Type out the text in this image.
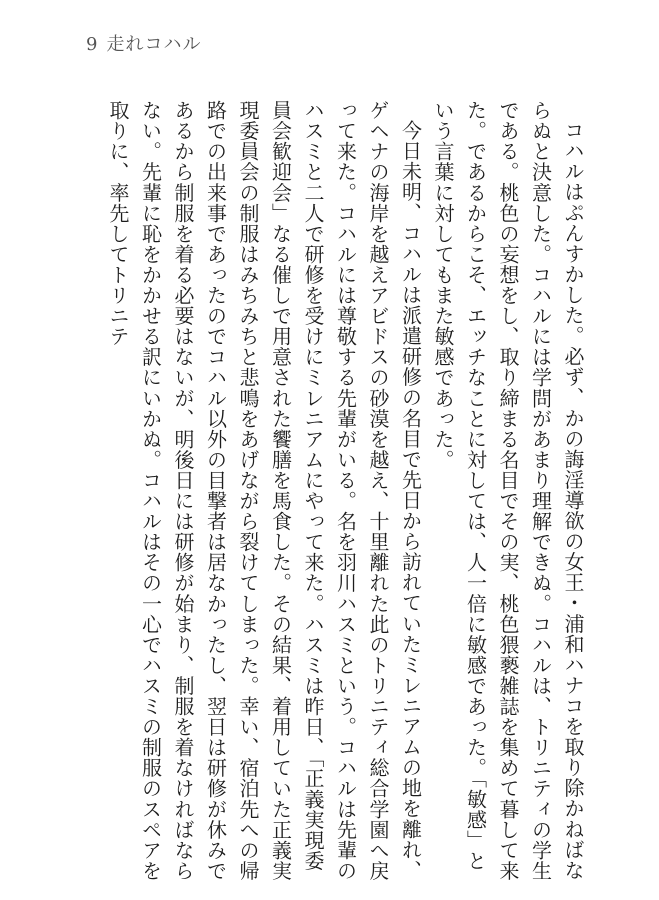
9 走れコハル

コハルはぷんすかした。必ず、かの誨淫導欲の女王・浦和ハナコを取り除かねばならぬと決意した。コハルには学問があまり理解できぬ。コハルは、トリニティの学生である。桃色の妄想をし、取り締まる名目でその実、桃色猥褻雑誌を集めて暮して来た。であるからこそ、エッチなことに対しては、人一倍に敏感であった。「敏感」という言葉に対してもまた敏感であった。

今日未明、コハルは派遣研修の名目で先日から訪れていたミレニアムの地を離れ、ゲヘナの海岸を越えアビドスの砂漠を越え、十里離れた此のトリニティ総合学園へ戻って来た。コハルには尊敬する先輩がいる。名を羽川ハスミという。コハルは先輩のハスミと二人で研修を受けにミレニアムにやって来た。ハスミは昨日、「正義実現委員会歓迎会」なる催しで用意された饗膳を馬食した。その結果、着用していた正義実現委員会の制服はみちみちと悲鳴をあげながら裂けてしまった。幸い、宿泊先への帰路での出来事であったのでコハル以外の目撃者は居なかったし、翌日は研修が休みであるから制服を着る必要はないが、明後日には研修が始まり、制服を着なければならない。先輩に恥をかかせる訳にいかぬ。コハルはその一心でハスミの制服のスペアを取りに、率先してトリニテ
